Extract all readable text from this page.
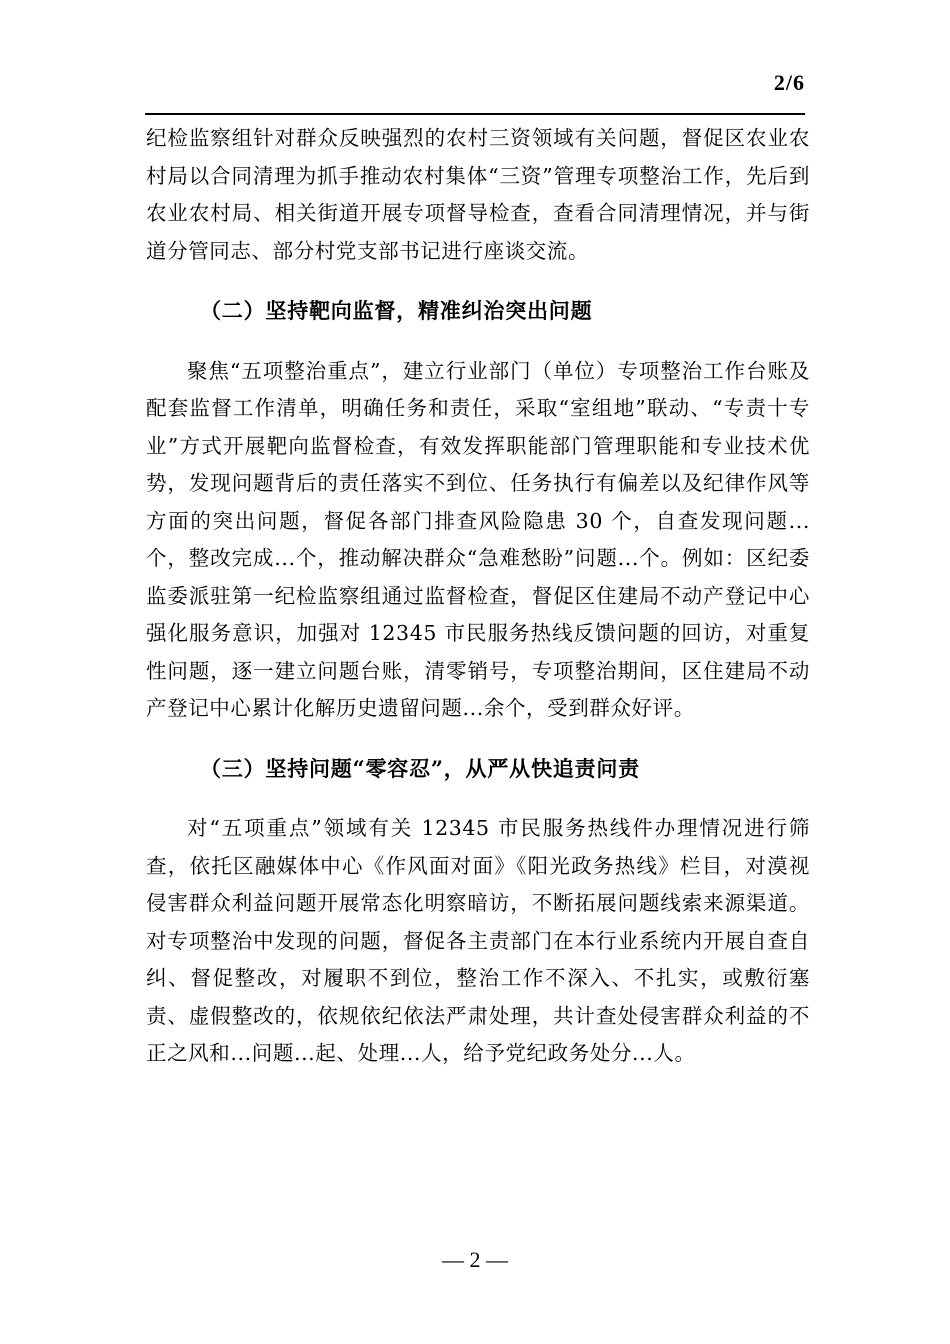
2/6

纪检监察组针对群众反映强烈的农村三资领域有关问题，督促区农业农村局以合同清理为抓手推动农村集体“三资”管理专项整治工作，先后到农业农村局、相关街道开展专项督导检查，查看合同清理情况，并与街道分管同志、部分村党支部书记进行座谈交流。

（二）坚持靶向监督，精准纠治突出问题

聚焦“五项整治重点”，建立行业部门（单位）专项整治工作台账及配套监督工作清单，明确任务和责任，采取“室组地”联动、“专责十专业”方式开展靶向监督检查，有效发挥职能部门管理职能和专业技术优势，发现问题背后的责任落实不到位、任务执行有偏差以及纪律作风等方面的突出问题，督促各部门排查风险隐患 30 个，自查发现问题...个，整改完成...个，推动解决群众“急难愁盼”问题...个。例如：区纪委监委派驻第一纪检监察组通过监督检查，督促区住建局不动产登记中心强化服务意识，加强对 12345 市民服务热线反馈问题的回访，对重复性问题，逐一建立问题台账，清零销号，专项整治期间，区住建局不动产登记中心累计化解历史遗留问题...余个，受到群众好评。

（三）坚持问题“零容忍”，从严从快追责问责

对“五项重点”领域有关 12345 市民服务热线件办理情况进行筛查，依托区融媒体中心《作风面对面》《阳光政务热线》栏目，对漠视侵害群众利益问题开展常态化明察暗访，不断拓展问题线索来源渠道。对专项整治中发现的问题，督促各主责部门在本行业系统内开展自查自纠、督促整改，对履职不到位，整治工作不深入、不扎实，或敷衍塞责、虚假整改的，依规依纪依法严肃处理，共计查处侵害群众利益的不正之风和...问题...起、处理...人，给予党纪政务处分...人。

— 2 —
